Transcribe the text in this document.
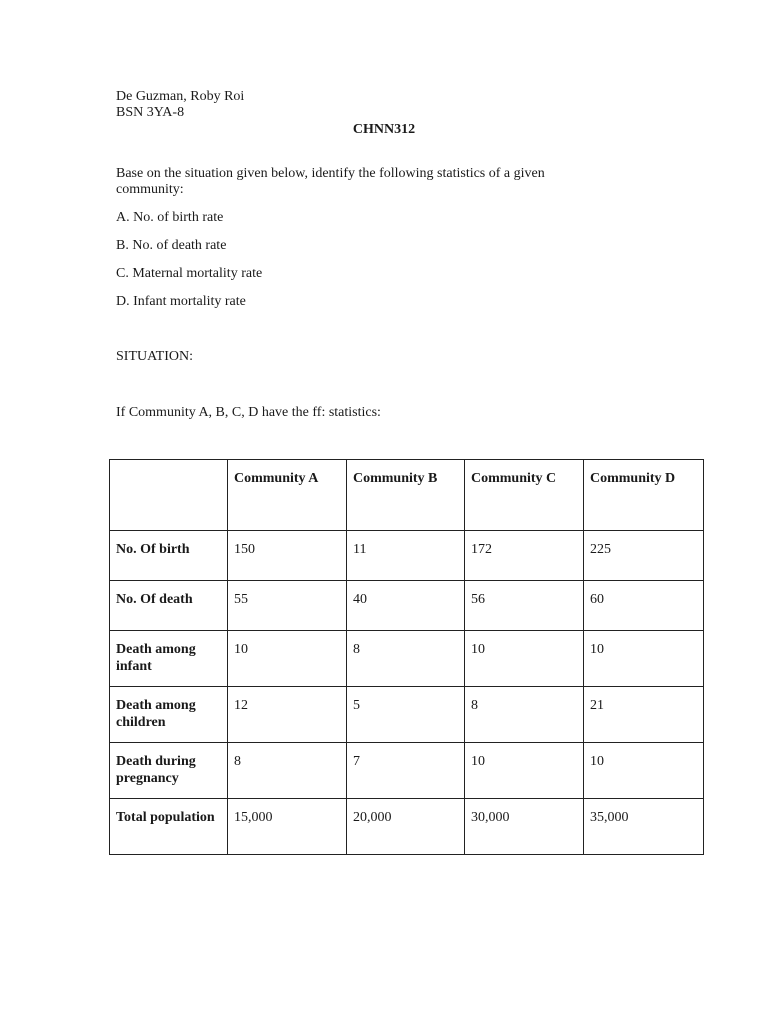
De Guzman, Roby Roi
BSN 3YA-8
CHNN312
Base on the situation given below, identify the following statistics of a given community:
A. No. of birth rate
B. No. of death rate
C. Maternal mortality rate
D. Infant mortality rate
SITUATION:
If Community A, B, C, D have the ff: statistics:
	Community A	Community B	Community C	Community D
No. Of birth	150	11	172	225
No. Of death	55	40	56	60
Death among infant	10	8	10	10
Death among children	12	5	8	21
Death during pregnancy	8	7	10	10
Total population	15,000	20,000	30,000	35,000
